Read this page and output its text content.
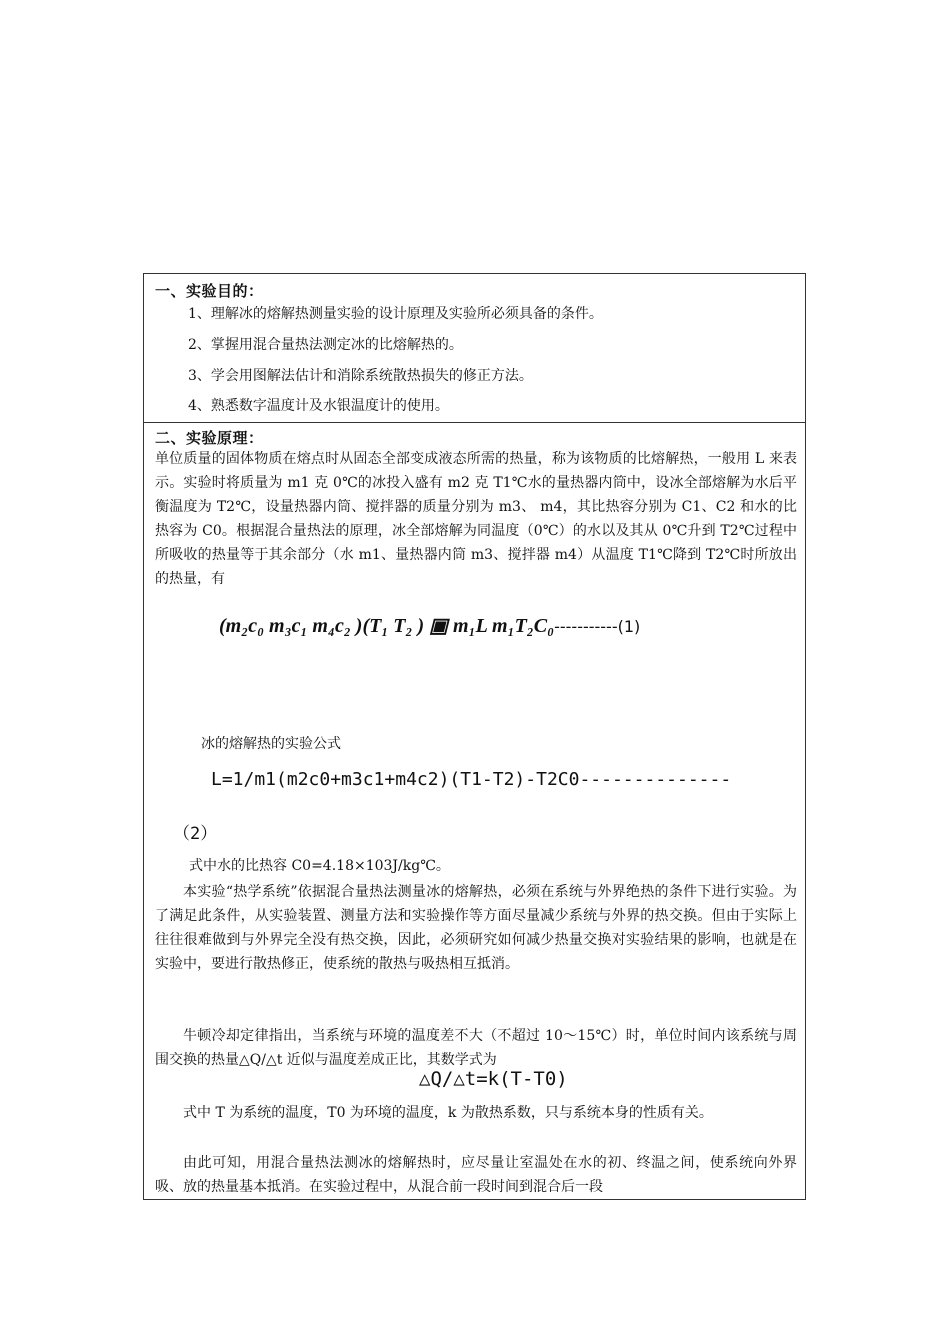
一、实验目的：
1、理解冰的熔解热测量实验的设计原理及实验所必须具备的条件。
2、掌握用混合量热法测定冰的比熔解热的。
3、学会用图解法估计和消除系统散热损失的修正方法。
4、熟悉数字温度计及水银温度计的使用。
二、实验原理：
单位质量的固体物质在熔点时从固态全部变成液态所需的热量，称为该物质的比熔解热，一般用 L 来表示。实验时将质量为 m1 克 0℃的冰投入盛有 m2 克 T1℃水的量热器内筒中，设冰全部熔解为水后平衡温度为 T2℃，设量热器内筒、搅拌器的质量分别为 m3、 m4，其比热容分别为 C1、C2 和水的比热容为 C0。根据混合量热法的原理，冰全部熔解为同温度（0℃）的水以及其从 0℃升到 T2℃过程中所吸收的热量等于其余部分（水 m1、量热器内筒 m3、搅拌器 m4）从温度 T1℃降到 T2℃时所放出的热量，有
(m₂c₀ m₃c₁ m₄c₂ )(T₁ T₂ ) ▣ m₁L m₁T₂C₀-----------(1)
冰的熔解热的实验公式
L=1/m1(m2c0+m3c1+m4c2)(T1-T2)-T2C0--------------
（2）
式中水的比热容 C0=4.18×103J/kg℃。
本实验“热学系统”依据混合量热法测量冰的熔解热，必须在系统与外界绝热的条件下进行实验。为了满足此条件，从实验装置、测量方法和实验操作等方面尽量减少系统与外界的热交换。但由于实际上往往很难做到与外界完全没有热交换，因此，必须研究如何减少热量交换对实验结果的影响，也就是在实验中，要进行散热修正，使系统的散热与吸热相互抵消。
牛顿冷却定律指出，当系统与环境的温度差不大（不超过 10～15℃）时，单位时间内该系统与周围交换的热量△Q/△t 近似与温度差成正比，其数学式为
△Q/△t=k(T-T0)
式中 T 为系统的温度，T0 为环境的温度，k 为散热系数，只与系统本身的性质有关。
由此可知，用混合量热法测冰的熔解热时，应尽量让室温处在水的初、终温之间，使系统向外界吸、放的热量基本抵消。在实验过程中，从混合前一段时间到混合后一段
